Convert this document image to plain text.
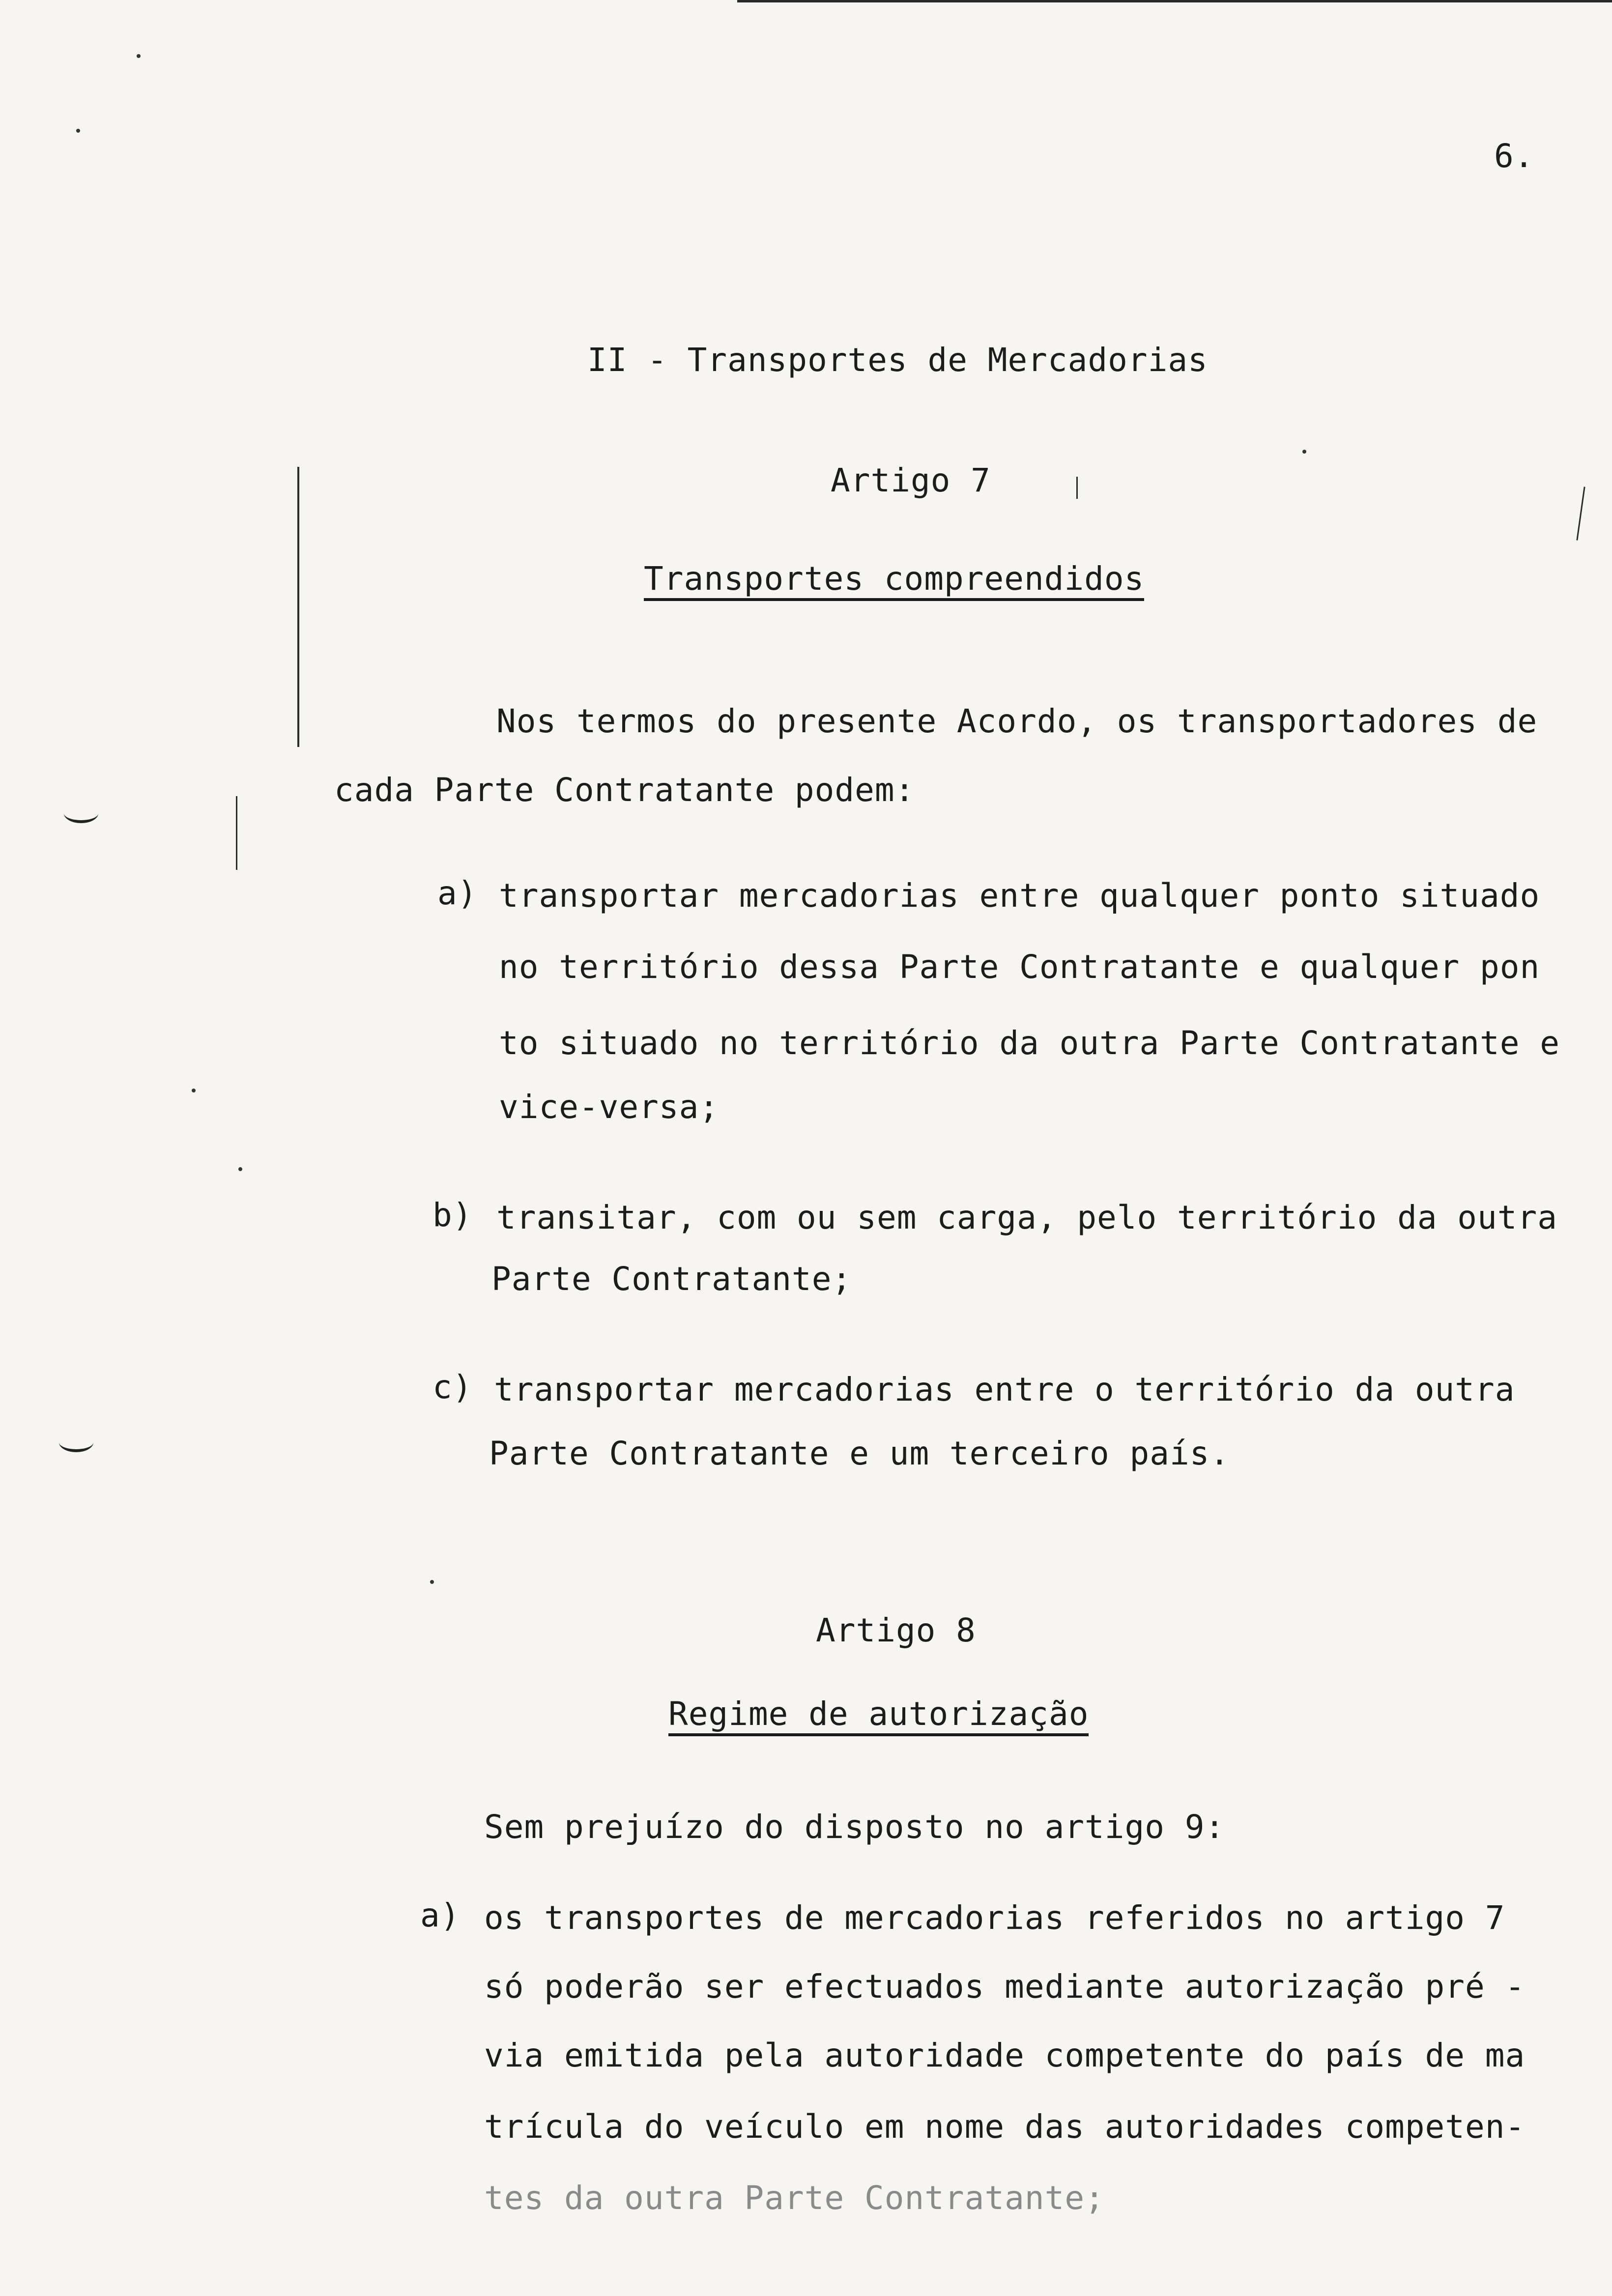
6.
II - Transportes de Mercadorias
Artigo 7
Transportes compreendidos
Nos termos do presente Acordo, os transportadores de
cada Parte Contratante podem:
a) transportar mercadorias entre qualquer ponto situado
no território dessa Parte Contratante e qualquer pon
to situado no território da outra Parte Contratante e
vice-versa;
b) transitar, com ou sem carga, pelo território da outra
Parte Contratante;
c) transportar mercadorias entre o território da outra
Parte Contratante e um terceiro país.
Artigo 8
Regime de autorização
Sem prejuízo do disposto no artigo 9:
a) os transportes de mercadorias referidos no artigo 7
só poderão ser efectuados mediante autorização pré -
via emitida pela autoridade competente do país de ma
trícula do veículo em nome das autoridades competen-
tes da outra Parte Contratante;
